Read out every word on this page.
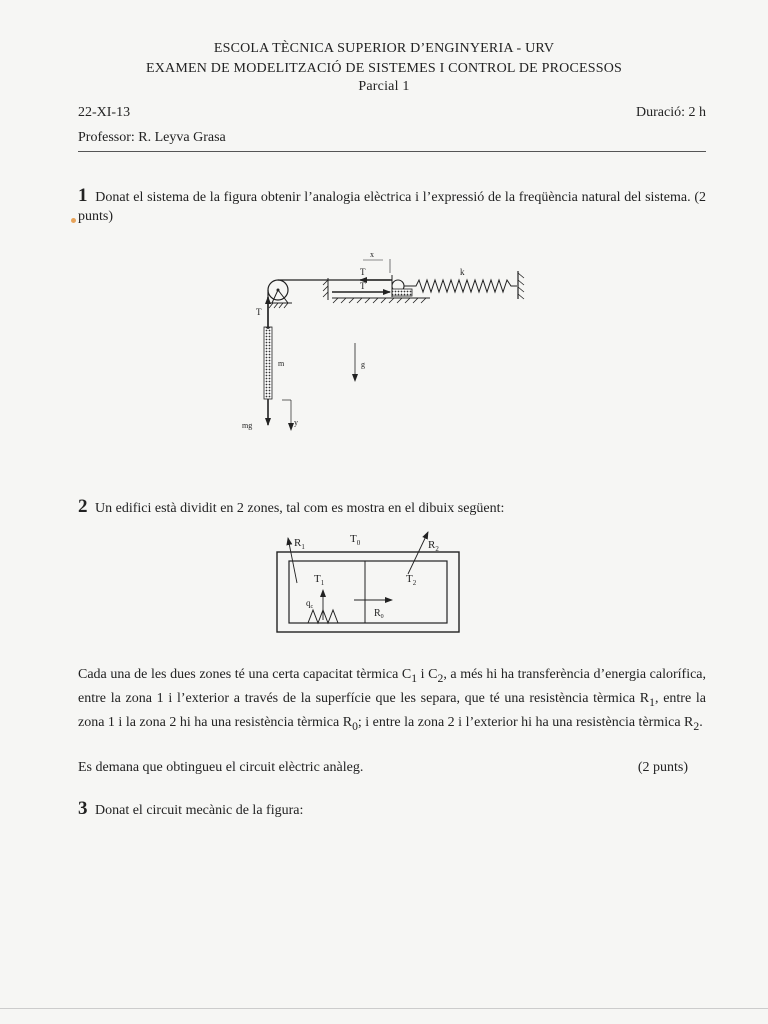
ESCOLA TÈCNICA SUPERIOR D’ENGINYERIA - URV
EXAMEN DE MODELITZACIÓ DE SISTEMES I CONTROL DE PROCESSOS
Parcial 1
22-XI-13	Duració: 2 h
Professor: R. Leyva Grasa
1 Donat el sistema de la figura obtenir l’analogia elèctrica i l’expressió de la freqüència natural del sistema. (2 punts)
T
T
x
k
T
m	g
mg	y
2 Un edifici està dividit en 2 zones, tal com es mostra en el dibuix següent:
$R_1$
$T_0$	$R_2$
$T_1$	$T_2$
$q_c$
$R_0$
Cada una de les dues zones té una certa capacitat tèrmica $C_1$ i $C_2$, a més hi ha transferència d’energia calorífica, entre la zona 1 i l’exterior a través de la superfície que les separa, que té una resistència tèrmica $R_1$, entre la zona 1 i la zona 2 hi ha una resistència tèrmica $R_0$; i entre la zona 2 i l’exterior hi ha una resistència tèrmica $R_2$.
Es demana que obtingueu el circuit elèctric anàleg.	(2 punts)
3 Donat el circuit mecànic de la figura:
